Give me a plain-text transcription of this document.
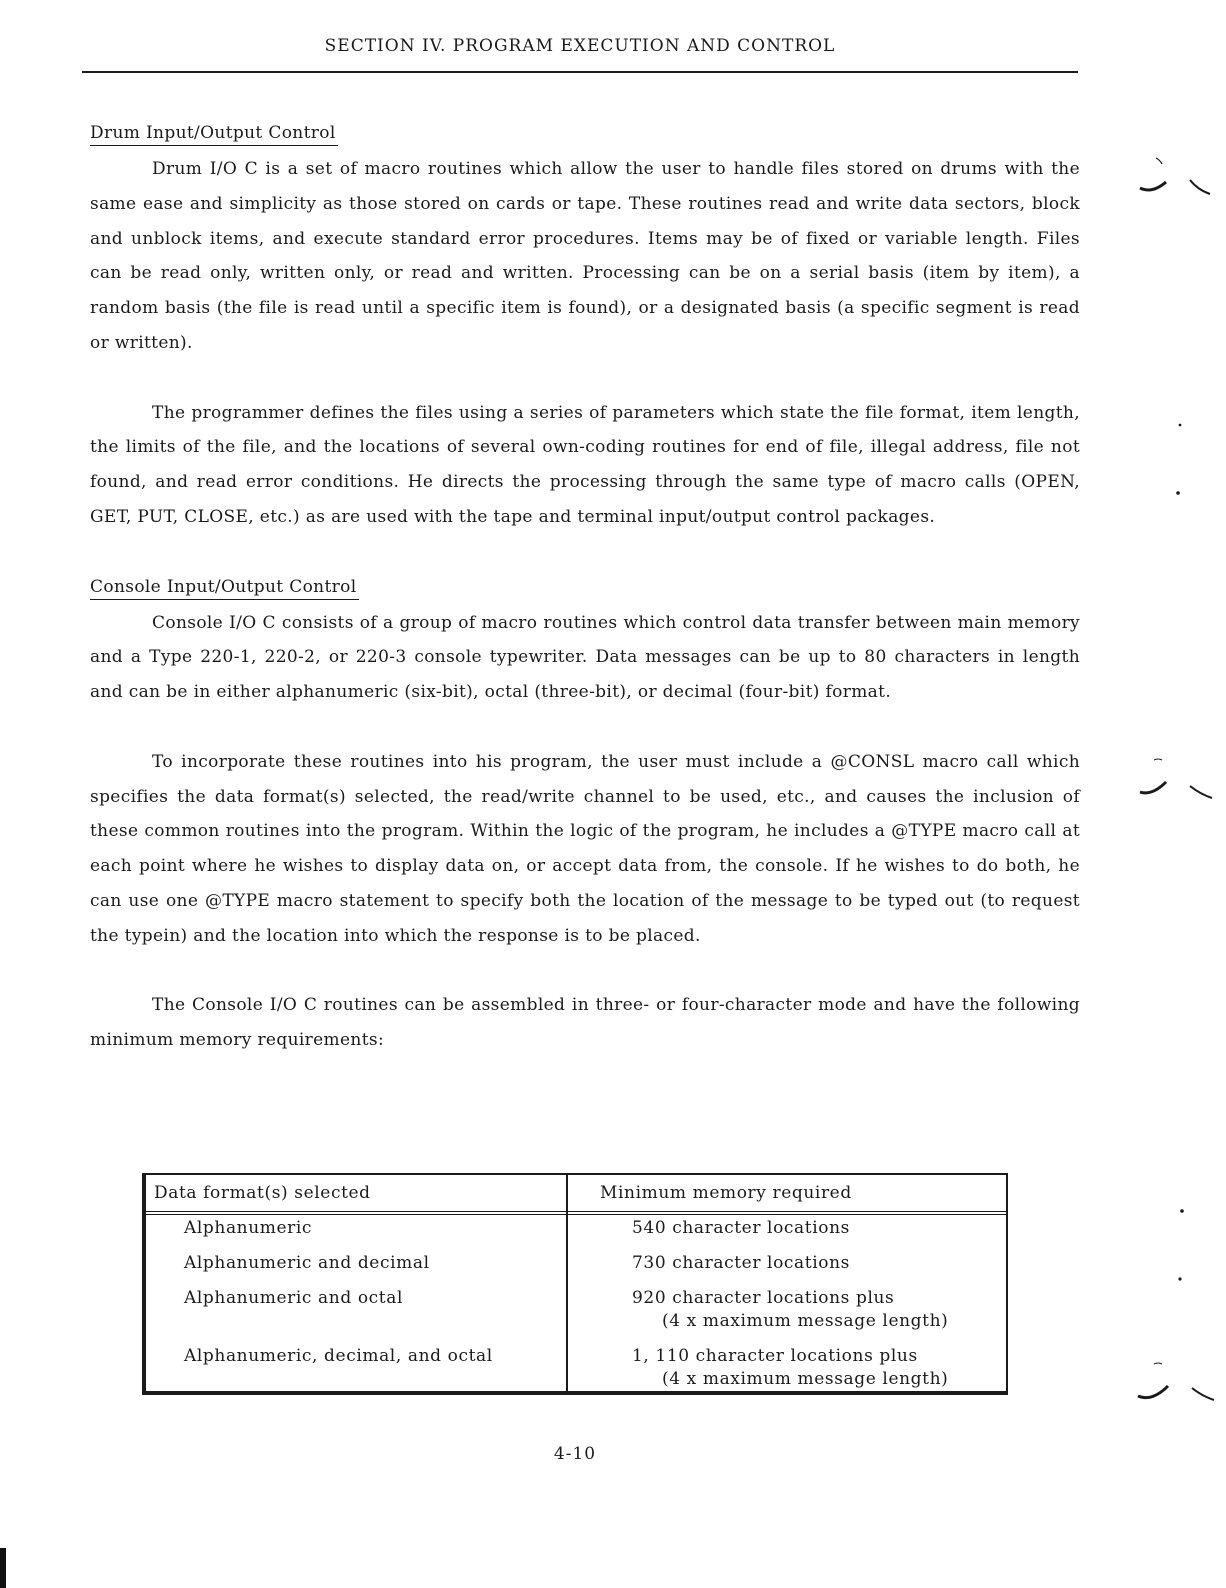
SECTION IV. PROGRAM EXECUTION AND CONTROL
Drum Input/Output Control

Drum I/O C is a set of macro routines which allow the user to handle files stored on drums with the same ease and simplicity as those stored on cards or tape. These routines read and write data sectors, block and unblock items, and execute standard error procedures. Items may be of fixed or variable length. Files can be read only, written only, or read and written. Processing can be on a serial basis (item by item), a random basis (the file is read until a specific item is found), or a designated basis (a specific segment is read or written).

The programmer defines the files using a series of parameters which state the file format, item length, the limits of the file, and the locations of several own-coding routines for end of file, illegal address, file not found, and read error conditions. He directs the processing through the same type of macro calls (OPEN, GET, PUT, CLOSE, etc.) as are used with the tape and terminal input/output control packages.

Console Input/Output Control

Console I/O C consists of a group of macro routines which control data transfer between main memory and a Type 220-1, 220-2, or 220-3 console typewriter. Data messages can be up to 80 characters in length and can be in either alphanumeric (six-bit), octal (three-bit), or decimal (four-bit) format.

To incorporate these routines into his program, the user must include a @CONSL macro call which specifies the data format(s) selected, the read/write channel to be used, etc., and causes the inclusion of these common routines into the program. Within the logic of the program, he includes a @TYPE macro call at each point where he wishes to display data on, or accept data from, the console. If he wishes to do both, he can use one @TYPE macro statement to specify both the location of the message to be typed out (to request the typein) and the location into which the response is to be placed.

The Console I/O C routines can be assembled in three- or four-character mode and have the following minimum memory requirements:

Data format(s) selected	Minimum memory required
Alphanumeric	540 character locations
Alphanumeric and decimal	730 character locations
Alphanumeric and octal	920 character locations plus
(4 x maximum message length)
Alphanumeric, decimal, and octal	1, 110 character locations plus
(4 x maximum message length)
4-10
